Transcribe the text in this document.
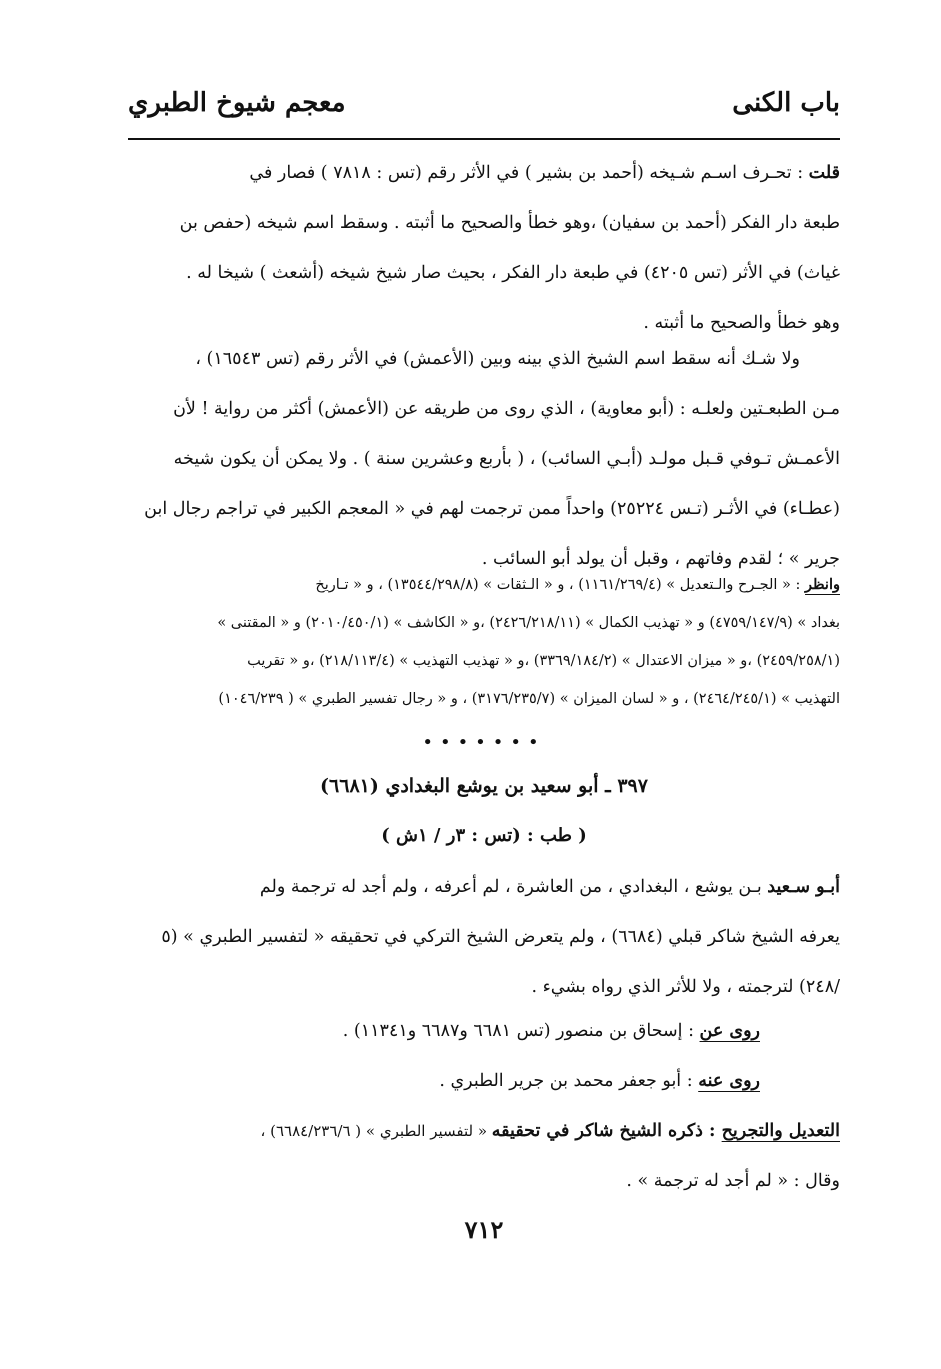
باب الكنى
معجم شيوخ الطبري
قلت : تحـرف اسـم شـيخه (أحمد بن بشير ) في الأثر رقم (تس : ٧٨١٨ ) فصار في
طبعة دار الفكر (أحمد بن سفيان) ،وهو خطأ والصحيح ما أثبته . وسقط اسم شيخه (حفص بن
غياث) في الأثر (تس ٤٢٠٥) في طبعة دار الفكر ، بحيث صار شيخ شيخه (أشعث ) شيخا له .
وهو خطأ والصحيح ما أثبته .
ولا شـك أنه سقط اسم الشيخ الذي بينه وبين (الأعمش) في الأثر رقم (تس ١٦٥٤٣) ،
مـن الطبعـتين ولعلـه : (أبو معاوية) ، الذي روى من طريقه عن (الأعمش) أكثر من رواية ! لأن
الأعمـش تـوفي قـبل مولـد (أبـي السائب) ، ( بأربع وعشرين سنة ) . ولا يمكن أن يكون شيخه
(عطـاء) في الأثـر (تـس ٢٥٢٢٤) واحداً ممن ترجمت لهم في « المعجم الكبير في تراجم رجال ابن
جرير » ؛ لقدم وفاتهم ، وقبل أن يولد أبو السائب .
وانظر : « الجـرح والـتعديل » (١١٦١/٢٦٩/٤) ، و « الـثقات » (١٣٥٤٤/٢٩٨/٨) ، و « تـاريخ
بغداد » (٤٧٥٩/١٤٧/٩) و « تهذيب الكمال » (٢٤٢٦/٢١٨/١١) ،و « الكاشف » (٢٠١٠/٤٥٠/١) و « المقتنى »
(٢٤٥٩/٢٥٨/١) ،و « ميزان الاعتدال » (٣٣٦٩/١٨٤/٢) ،و « تهذيب التهذيب » (٢١٨/١١٣/٤) ،و « تقريب
التهذيب » (٢٤٦٤/٢٤٥/١) ، و « لسان الميزان » (٣١٧٦/٢٣٥/٧) ، و « رجال تفسير الطبري » ( ١٠٤٦/٢٣٩)
•••••••
٣٩٧ ـ أبو سعيد بن يوشع البغدادي (٦٦٨١)
( طب : (تس : ٣ر / ١ش )
أبـو سـعيد بـن يوشع ، البغدادي ، من العاشرة ، لم أعرفه ، ولم أجد له ترجمة ولم
يعرفه الشيخ شاكر قبلي (٦٦٨٤) ، ولم يتعرض الشيخ التركي في تحقيقه « لتفسير الطبري » (٥
/٢٤٨) لترجمته ، ولا للأثر الذي رواه بشيء .
روى عن : إسحاق بن منصور (تس ٦٦٨١ و٦٦٨٧ و١١٣٤١) .
روى عنه : أبو جعفر محمد بن جرير الطبري .
التعديل والتجريح : ذكره الشيخ شاكر في تحقيقه « لتفسير الطبري » ( ٦٦٨٤/٢٣٦/٦) ،
وقال : « لم أجد له ترجمة » .
٧١٢
